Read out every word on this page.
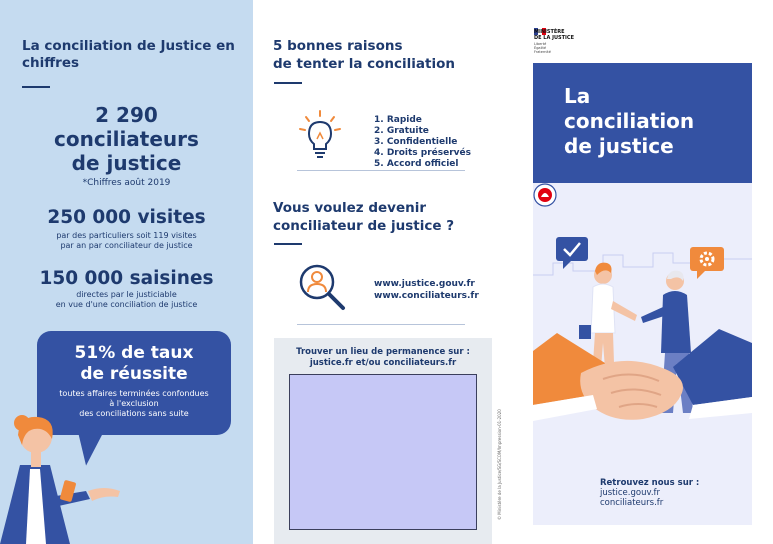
La conciliation de Justice en chiffres
2 290
conciliateurs
de justice
*Chiffres août 2019
250 000 visites
par des particuliers soit 119 visites
par an par conciliateur de justice
150 000 saisines
directes par le justiciable
en vue d'une conciliation de justice
51% de taux
de réussite
toutes affaires terminées confondues
à l'exclusion
des conciliations sans suite
5 bonnes raisons
de tenter la conciliation
1. Rapide
2. Gratuite
3. Confidentielle
4. Droits préservés
5. Accord officiel
Vous voulez devenir
conciliateur de justice ?
www.justice.gouv.fr
www.conciliateurs.fr
Trouver un lieu de permanence sur :
justice.fr et/ou conciliateurs.fr
© Ministère de la Justice/SG/SCOM/Impression-01-2020
MINISTÈRE
DE LA JUSTICE
Liberté
Égalité
Fraternité
La
conciliation
de justice
Retrouvez nous sur :
justice.gouv.fr
conciliateurs.fr
